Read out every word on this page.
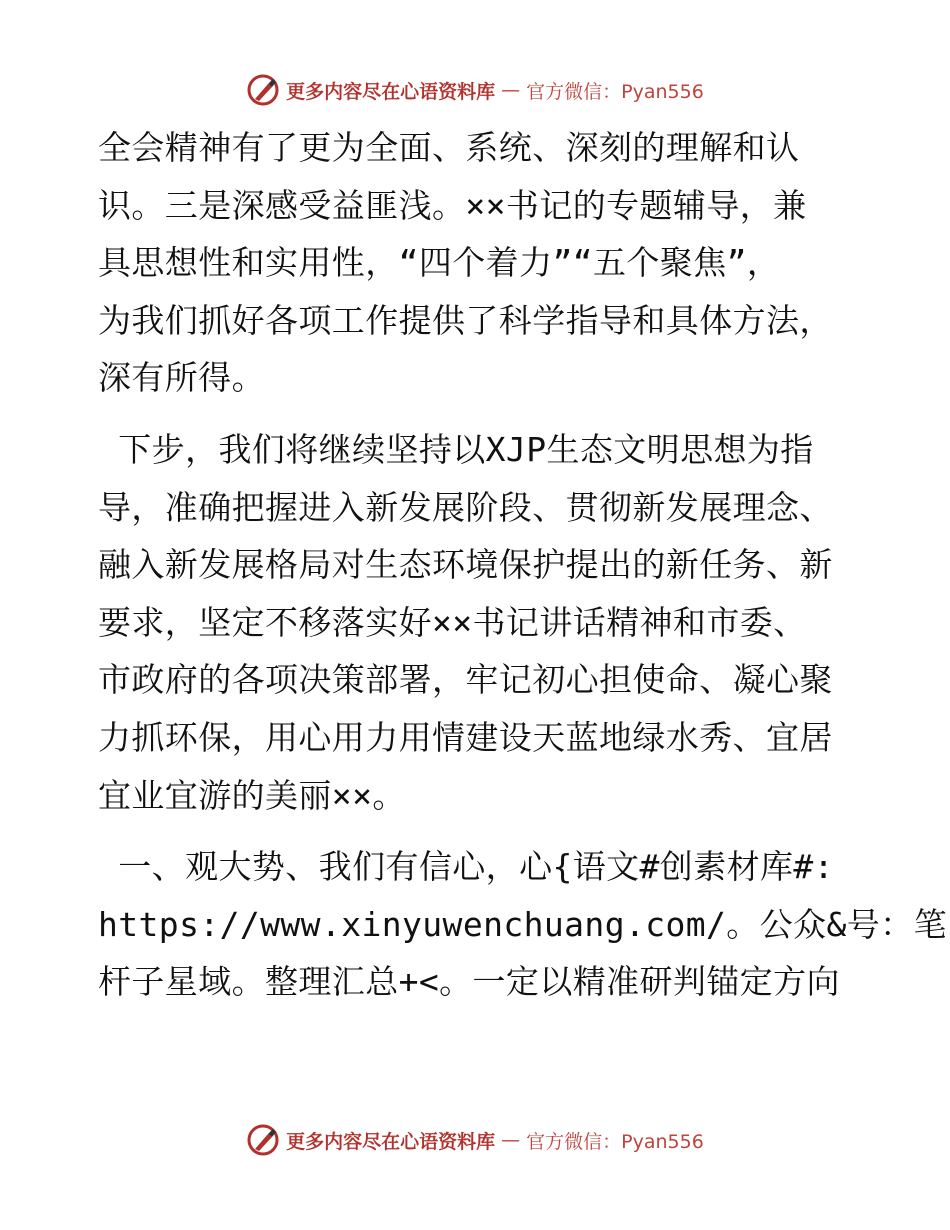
更多内容尽在心语资料库 — 官方微信：Pyan556
全会精神有了更为全面、系统、深刻的理解和认
识。三是深感受益匪浅。××书记的专题辅导，兼
具思想性和实用性，“四个着力”“五个聚焦”，
为我们抓好各项工作提供了科学指导和具体方法，
深有所得。
下步，我们将继续坚持以XJP生态文明思想为指
导，准确把握进入新发展阶段、贯彻新发展理念、
融入新发展格局对生态环境保护提出的新任务、新
要求，坚定不移落实好××书记讲话精神和市委、
市政府的各项决策部署，牢记初心担使命、凝心聚
力抓环保，用心用力用情建设天蓝地绿水秀、宜居
宜业宜游的美丽××。
一、观大势、我们有信心，心{语文#创素材库#:
https://www.xinyuwenchuang.com/。公众&号：笔
杆子星域。整理汇总+<。一定以精准研判锚定方向
更多内容尽在心语资料库 — 官方微信：Pyan556
